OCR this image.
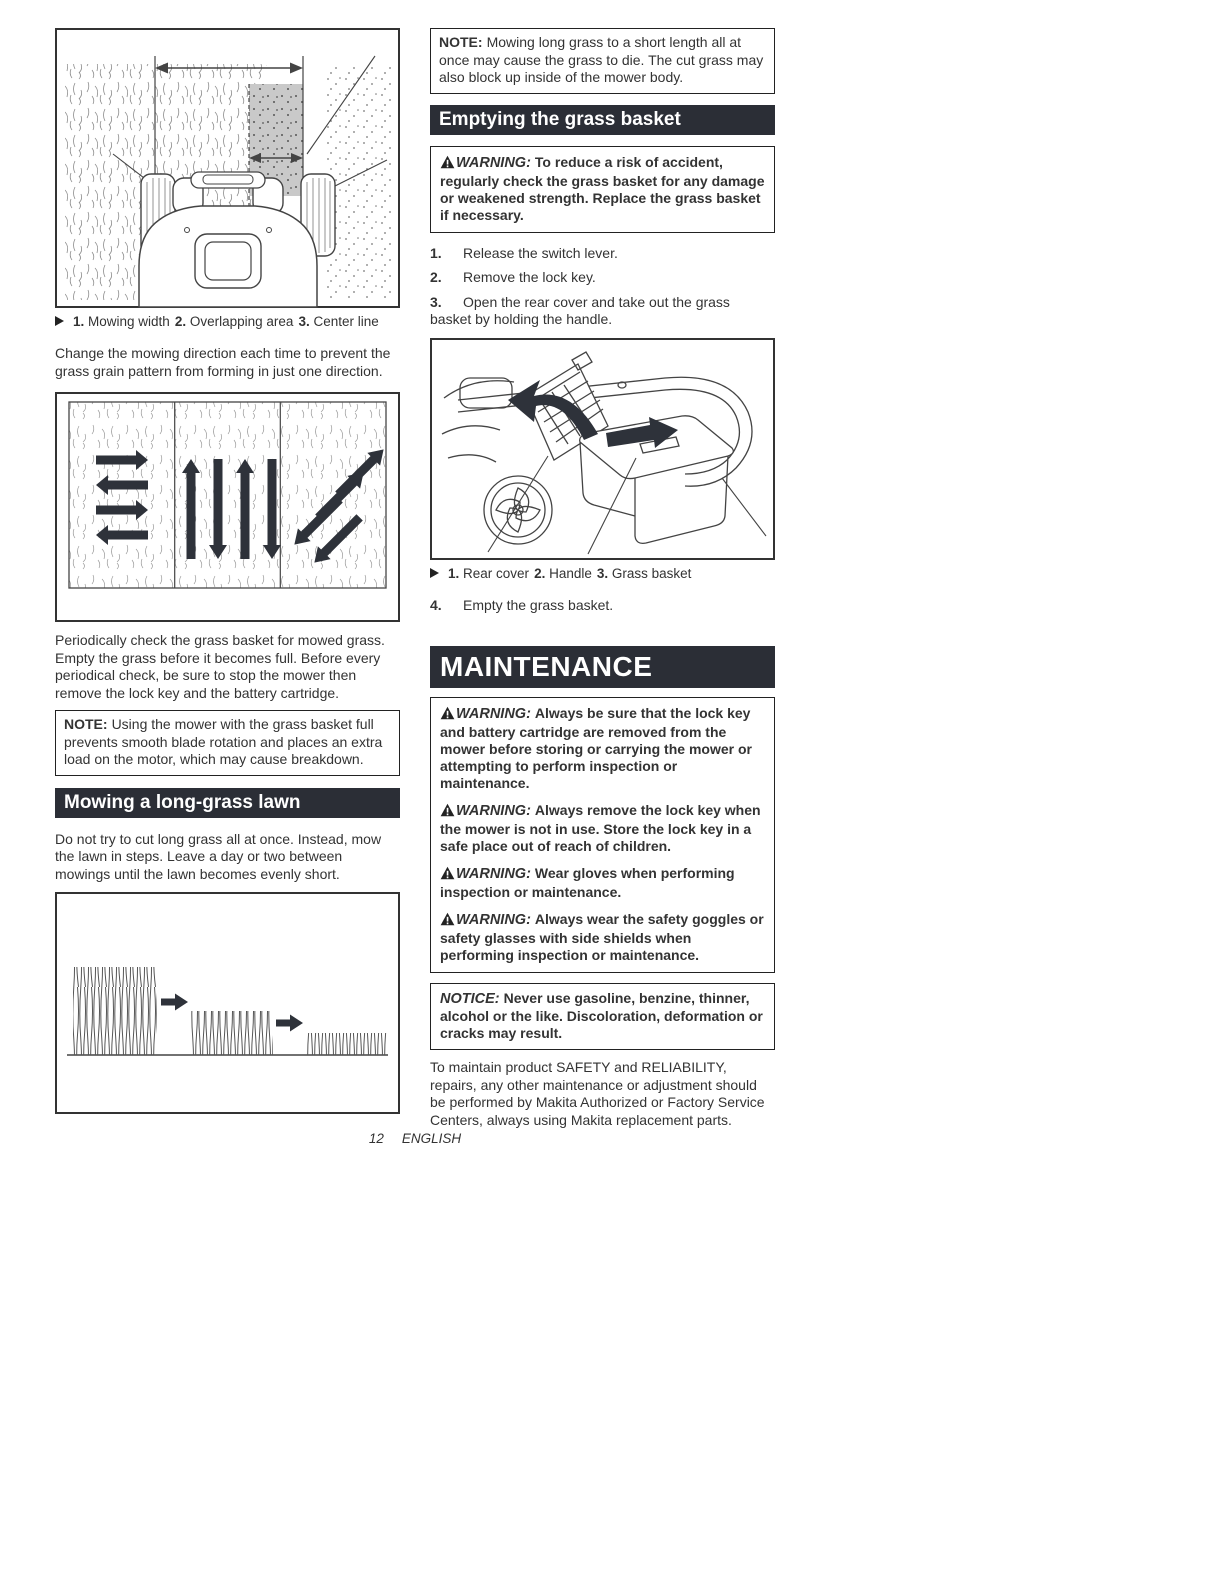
1. Mowing width 2. Overlapping area 3. Center line

Change the mowing direction each time to prevent the grass grain pattern from forming in just one direction.

Periodically check the grass basket for mowed grass. Empty the grass before it becomes full. Before every periodical check, be sure to stop the mower then remove the lock key and the battery cartridge.

NOTE: Using the mower with the grass basket full prevents smooth blade rotation and places an extra load on the motor, which may cause breakdown.
Mowing a long-grass lawn

Do not try to cut long grass all at once. Instead, mow the lawn in steps. Leave a day or two between mowings until the lawn becomes evenly short.

NOTE: Mowing long grass to a short length all at once may cause the grass to die. The cut grass may also block up inside of the mower body.
Emptying the grass basket

WARNING: To reduce a risk of accident, regularly check the grass basket for any damage or weakened strength. Replace the grass basket if necessary.

1. Release the switch lever.

2. Remove the lock key.

3. Open the rear cover and take out the grass basket by holding the handle.

1. Rear cover 2. Handle 3. Grass basket

4. Empty the grass basket.

MAINTENANCE

WARNING: Always be sure that the lock key and battery cartridge are removed from the mower before storing or carrying the mower or attempting to perform inspection or maintenance.

WARNING: Always remove the lock key when the mower is not in use. Store the lock key in a safe place out of reach of children.

WARNING: Wear gloves when performing inspection or maintenance.

WARNING: Always wear the safety goggles or safety glasses with side shields when performing inspection or maintenance.

NOTICE: Never use gasoline, benzine, thinner, alcohol or the like. Discoloration, deformation or cracks may result.

To maintain product SAFETY and RELIABILITY, repairs, any other maintenance or adjustment should be performed by Makita Authorized or Factory Service Centers, always using Makita replacement parts.

12 ENGLISH
